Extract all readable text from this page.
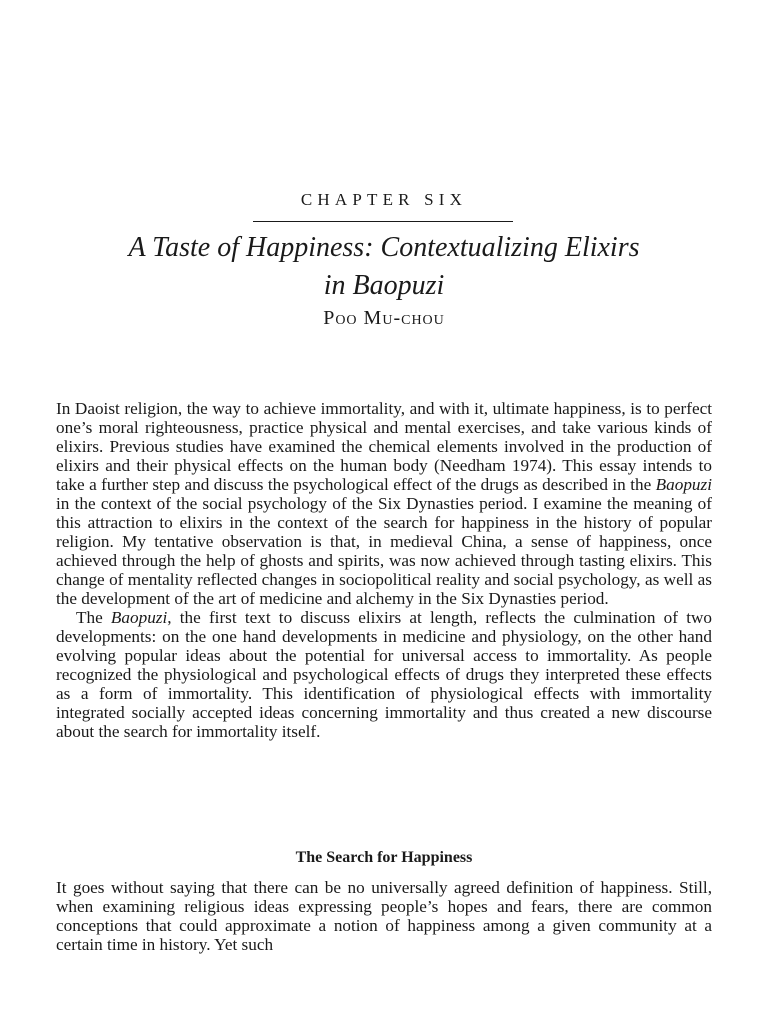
CHAPTER SIX
A Taste of Happiness: Contextualizing Elixirs
in Baopuzi
Poo Mu-chou

In Daoist religion, the way to achieve immortality, and with it, ultimate happiness, is to perfect one’s moral righteousness, practice physical and mental exercises, and take various kinds of elixirs. Previous studies have examined the chemical elements involved in the production of elixirs and their physical effects on the human body (Needham 1974). This essay intends to take a further step and discuss the psychological effect of the drugs as described in the Baopuzi in the context of the social psychology of the Six Dynasties period. I examine the meaning of this attraction to elixirs in the context of the search for happiness in the history of popular religion. My tentative observation is that, in medieval China, a sense of happiness, once achieved through the help of ghosts and spirits, was now achieved through tasting elixirs. This change of mentality reflected changes in sociopolitical reality and social psychology, as well as the development of the art of medicine and alchemy in the Six Dynasties period.

The Baopuzi, the first text to discuss elixirs at length, reflects the culmination of two developments: on the one hand developments in medicine and physiology, on the other hand evolving popular ideas about the potential for universal access to immortality. As people recognized the physiological and psychological effects of drugs they interpreted these effects as a form of immortality. This identification of physiological effects with immortality integrated socially accepted ideas concerning immortality and thus created a new discourse about the search for immortality itself.

The Search for Happiness

It goes without saying that there can be no universally agreed definition of happiness. Still, when examining religious ideas expressing people’s hopes and fears, there are common conceptions that could approximate a notion of happiness among a given community at a certain time in history. Yet such
